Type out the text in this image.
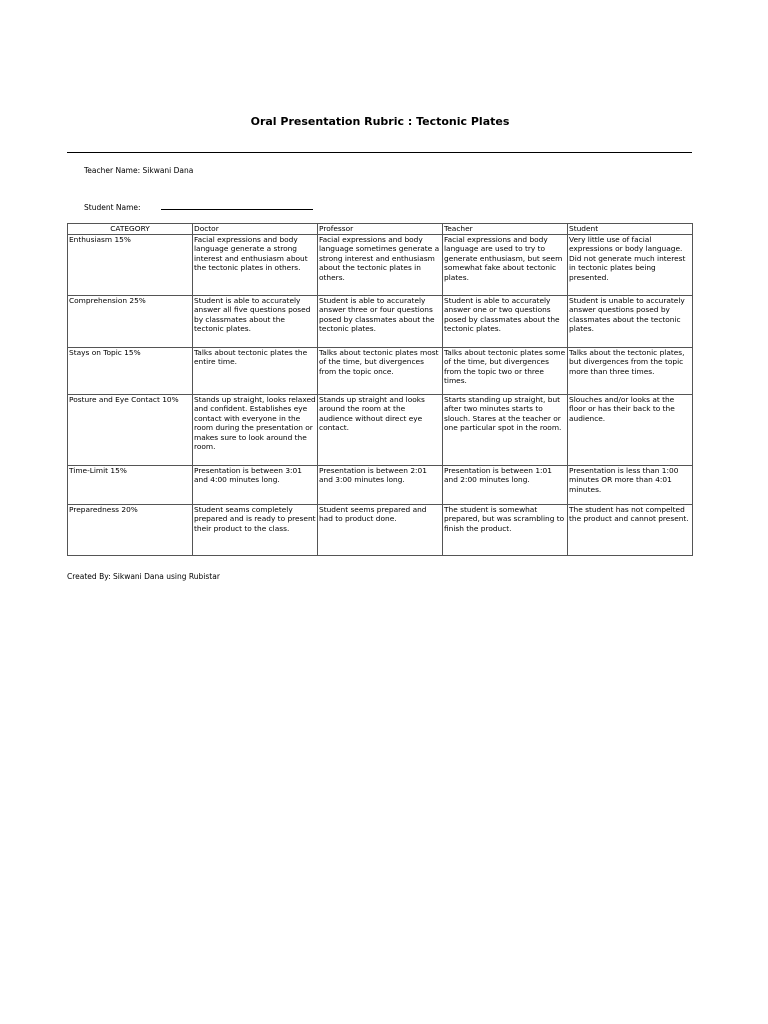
Oral Presentation Rubric : Tectonic Plates
Teacher Name: Sikwani Dana
Student Name:
CATEGORY	Doctor	Professor	Teacher	Student
Enthusiasm 15%	Facial expressions and body language generate a strong interest and enthusiasm about the tectonic plates in others.	Facial expressions and body language sometimes generate a strong interest and enthusiasm about the tectonic plates in others.	Facial expressions and body language are used to try to generate enthusiasm, but seem somewhat fake about tectonic plates.	Very little use of facial expressions or body language. Did not generate much interest in tectonic plates being presented.
Comprehension 25%	Student is able to accurately answer all five questions posed by classmates about the tectonic plates.	Student is able to accurately answer three or four questions posed by classmates about the tectonic plates.	Student is able to accurately answer one or two questions posed by classmates about the tectonic plates.	Student is unable to accurately answer questions posed by classmates about the tectonic plates.
Stays on Topic 15%	Talks about tectonic plates the entire time.	Talks about tectonic plates most of the time, but divergences from the topic once.	Talks about tectonic plates some of the time, but divergences from the topic two or three times.	Talks about the tectonic plates, but divergences from the topic more than three times.
Posture and Eye Contact 10%	Stands up straight, looks relaxed and confident. Establishes eye contact with everyone in the room during the presentation or makes sure to look around the room.	Stands up straight and looks around the room at the audience without direct eye contact.	Starts standing up straight, but after two minutes starts to slouch. Stares at the teacher or one particular spot in the room.	Slouches and/or looks at the floor or has their back to the audience.
Time-Limit 15%	Presentation is between 3:01 and 4:00 minutes long.	Presentation is between 2:01 and 3:00 minutes long.	Presentation is between 1:01 and 2:00 minutes long.	Presentation is less than 1:00 minutes OR more than 4:01 minutes.
Preparedness 20%	Student seams completely prepared and is ready to present their product to the class.	Student seems prepared and had to product done.	The student is somewhat prepared, but was scrambling to finish the product.	The student has not compelted the product and cannot present.
Created By: Sikwani Dana using Rubistar
